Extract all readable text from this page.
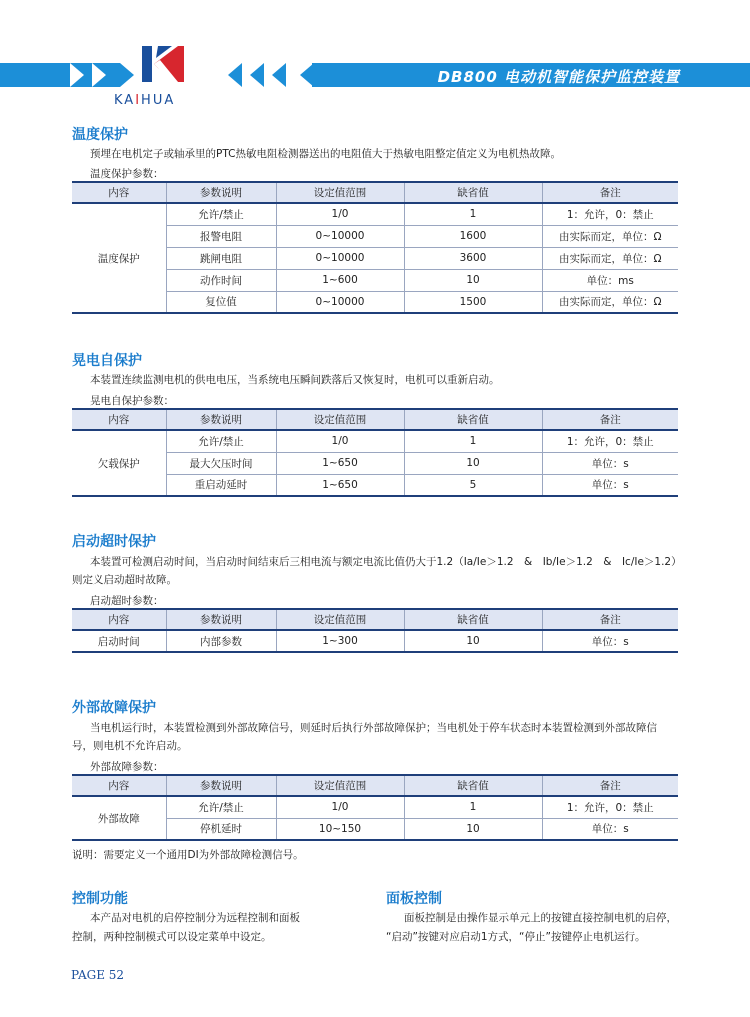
DB800 电动机智能保护监控装置
KAIHUA
温度保护
预埋在电机定子或轴承里的PTC热敏电阻检测器送出的电阻值大于热敏电阻整定值定义为电机热故障。
温度保护参数：
内容	参数说明	设定值范围	缺省值	备注
温度保护	允许/禁止	1/0	1	1：允许，0：禁止
	报警电阻	0~10000	1600	由实际而定，单位：Ω
	跳闸电阻	0~10000	3600	由实际而定，单位：Ω
	动作时间	1~600	10	单位：ms
	复位值	0~10000	1500	由实际而定，单位：Ω
晃电自保护
本装置连续监测电机的供电电压，当系统电压瞬间跌落后又恢复时，电机可以重新启动。
晃电自保护参数：
内容	参数说明	设定值范围	缺省值	备注
欠载保护	允许/禁止	1/0	1	1：允许，0：禁止
	最大欠压时间	1~650	10	单位：s
	重启动延时	1~650	5	单位：s
启动超时保护
本装置可检测启动时间，当启动时间结束后三相电流与额定电流比值仍大于1.2（Ia/Ie＞1.2　&　Ib/Ie＞1.2　&　Ic/Ie＞1.2）
则定义启动超时故障。
启动超时参数：
内容	参数说明	设定值范围	缺省值	备注
启动时间	内部参数	1~300	10	单位：s
外部故障保护
当电机运行时，本装置检测到外部故障信号，则延时后执行外部故障保护；当电机处于停车状态时本装置检测到外部故障信
号，则电机不允许启动。
外部故障参数：
内容	参数说明	设定值范围	缺省值	备注
外部故障	允许/禁止	1/0	1	1：允许，0：禁止
	停机延时	10~150	10	单位：s
说明：需要定义一个通用DI为外部故障检测信号。
控制功能
本产品对电机的启停控制分为远程控制和面板
控制，两种控制模式可以设定菜单中设定。
面板控制
面板控制是由操作显示单元上的按键直接控制电机的启停，
“启动”按键对应启动1方式，“停止”按键停止电机运行。
PAGE 52
